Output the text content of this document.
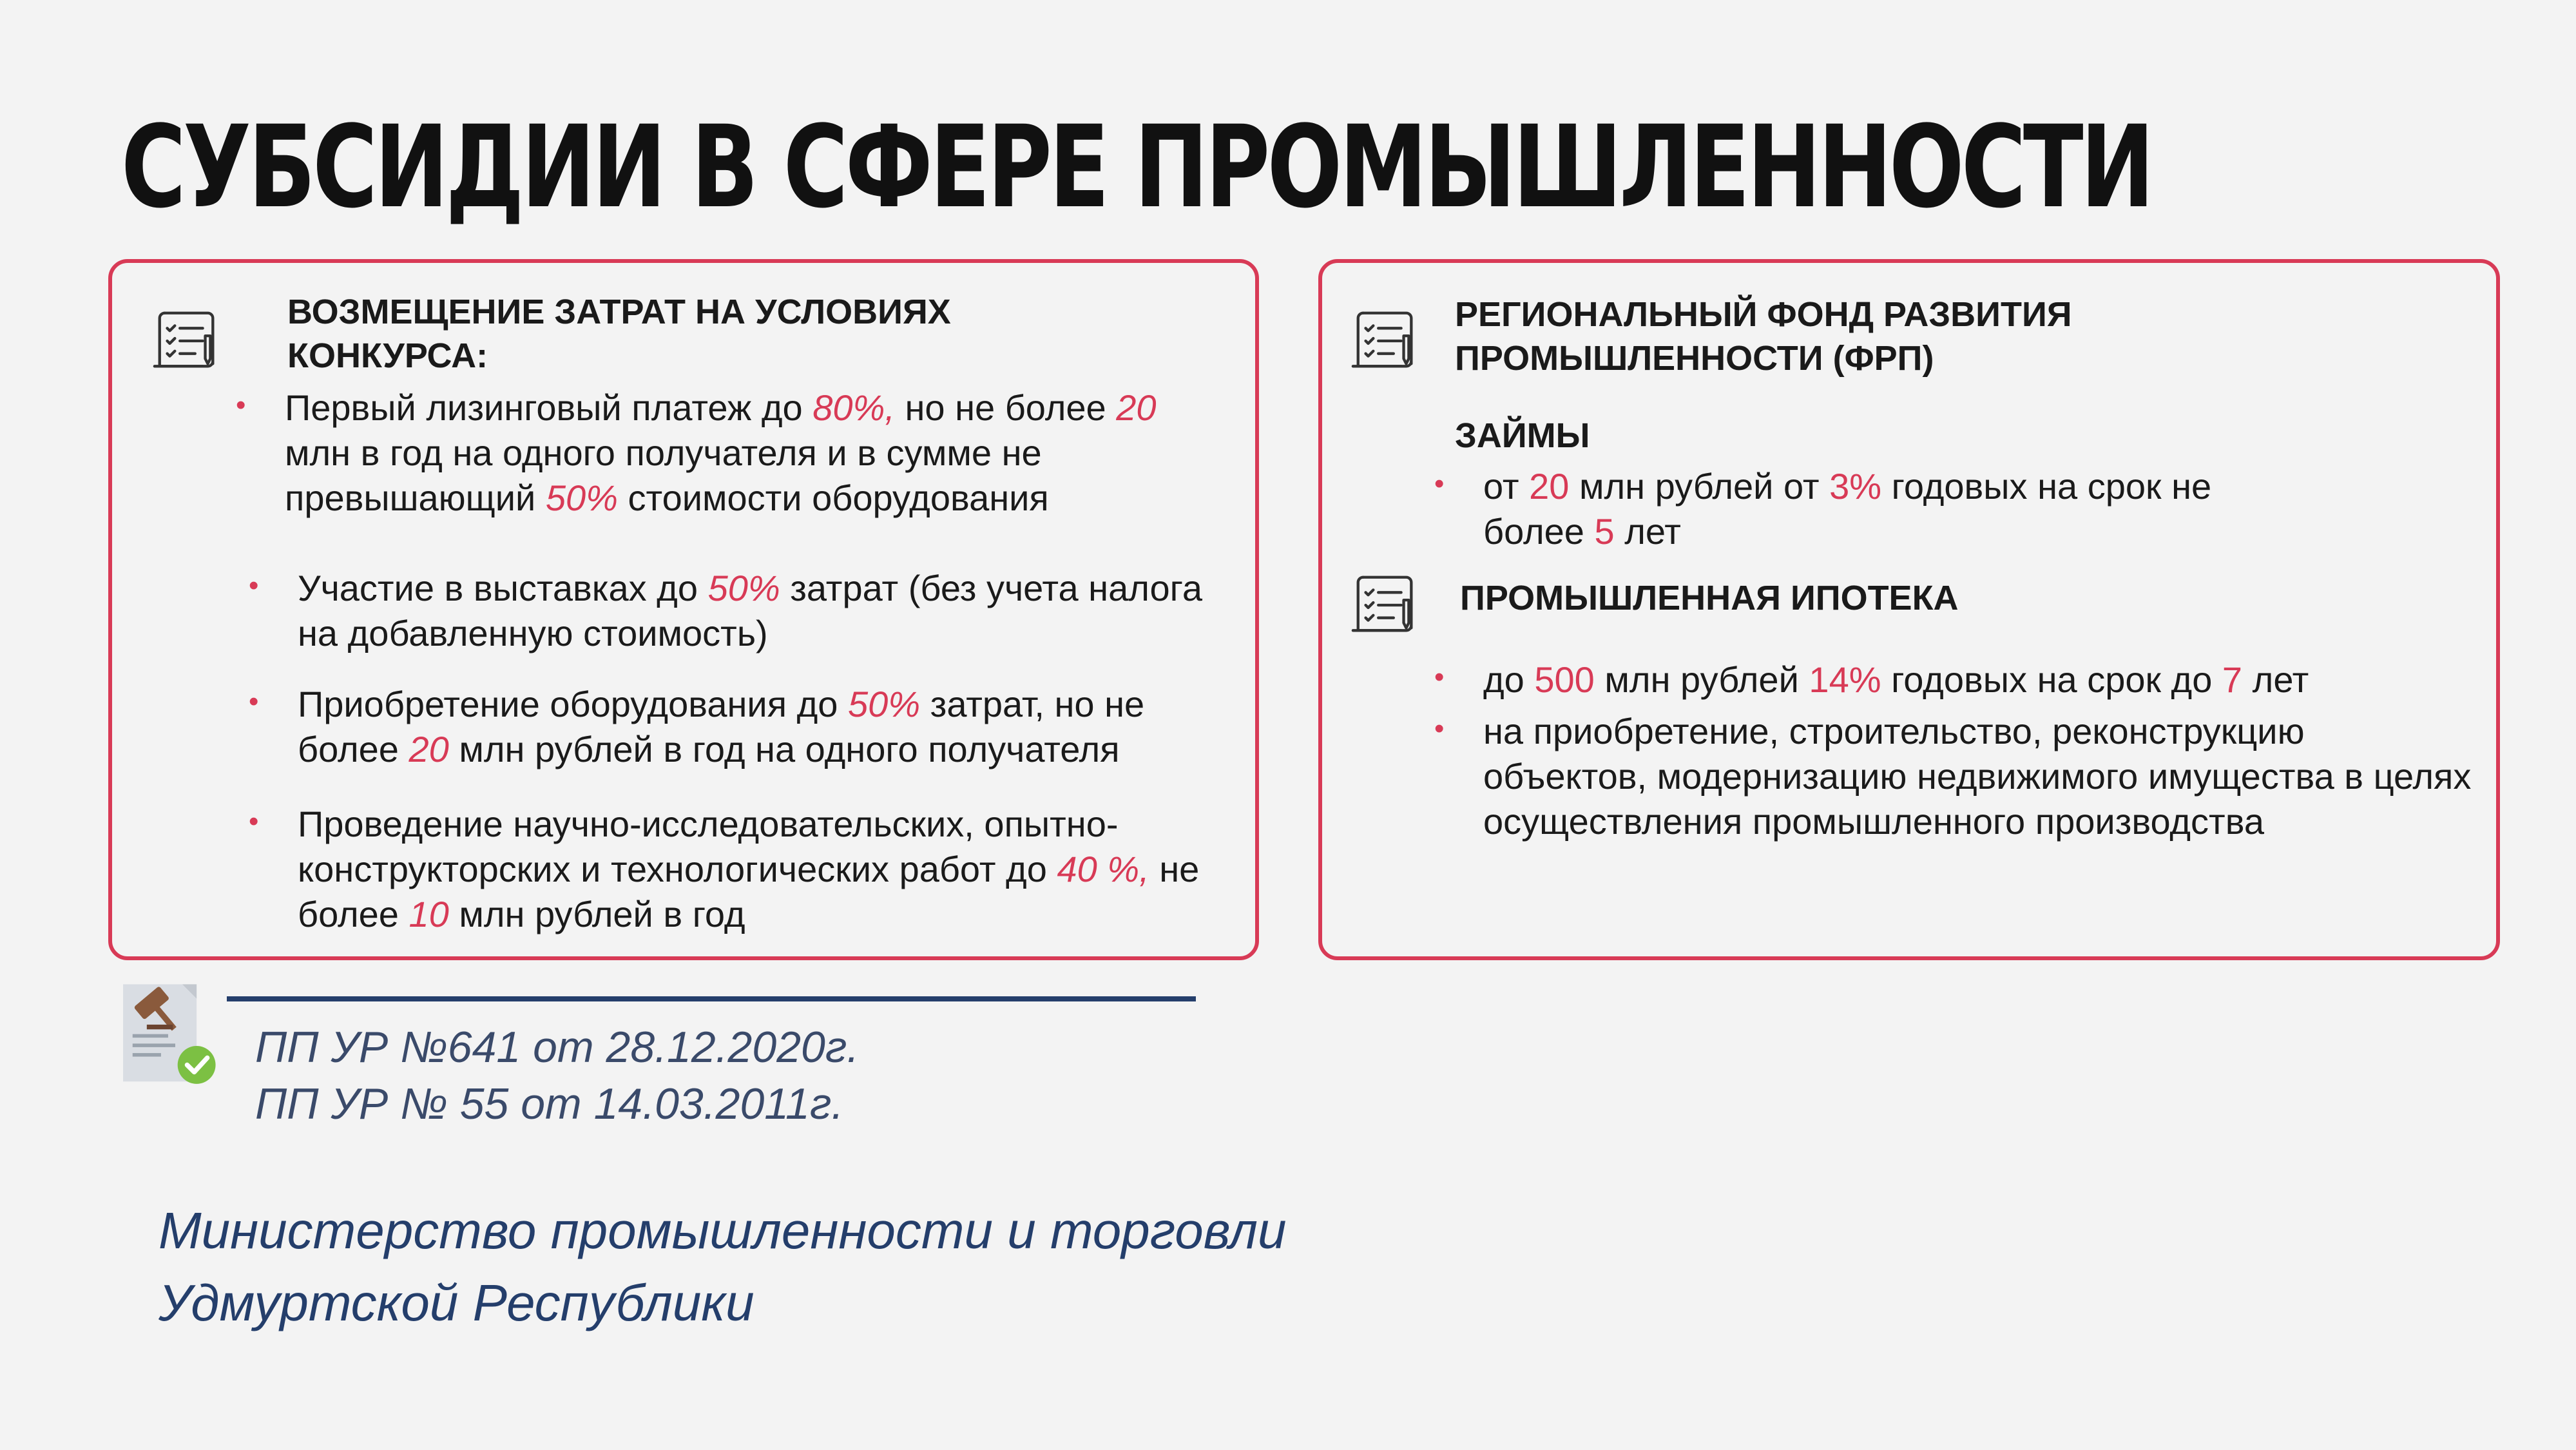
СУБСИДИИ В СФЕРЕ ПРОМЫШЛЕННОСТИ
ВОЗМЕЩЕНИЕ ЗАТРАТ НА УСЛОВИЯХ КОНКУРСА:
• Первый лизинговый платеж до 80%, но не более 20 млн в год на одного получателя и в сумме не превышающий 50% стоимости оборудования
• Участие в выставках до 50% затрат (без учета налога на добавленную стоимость)
• Приобретение оборудования до 50% затрат, но не более 20 млн рублей в год на одного получателя
• Проведение научно-исследовательских, опытно-конструкторских и технологических работ до 40 %, не более 10 млн рублей в год
РЕГИОНАЛЬНЫЙ ФОНД РАЗВИТИЯ ПРОМЫШЛЕННОСТИ (ФРП)
ЗАЙМЫ
• от 20 млн рублей от 3% годовых на срок не более 5 лет
ПРОМЫШЛЕННАЯ ИПОТЕКА
• до 500 млн рублей 14% годовых на срок до 7 лет
• на приобретение, строительство, реконструкцию объектов, модернизацию недвижимого имущества в целях осуществления промышленного производства
ПП УР №641 от 28.12.2020г.
ПП УР № 55 от 14.03.2011г.
Министерство промышленности и торговли
Удмуртской Республики
